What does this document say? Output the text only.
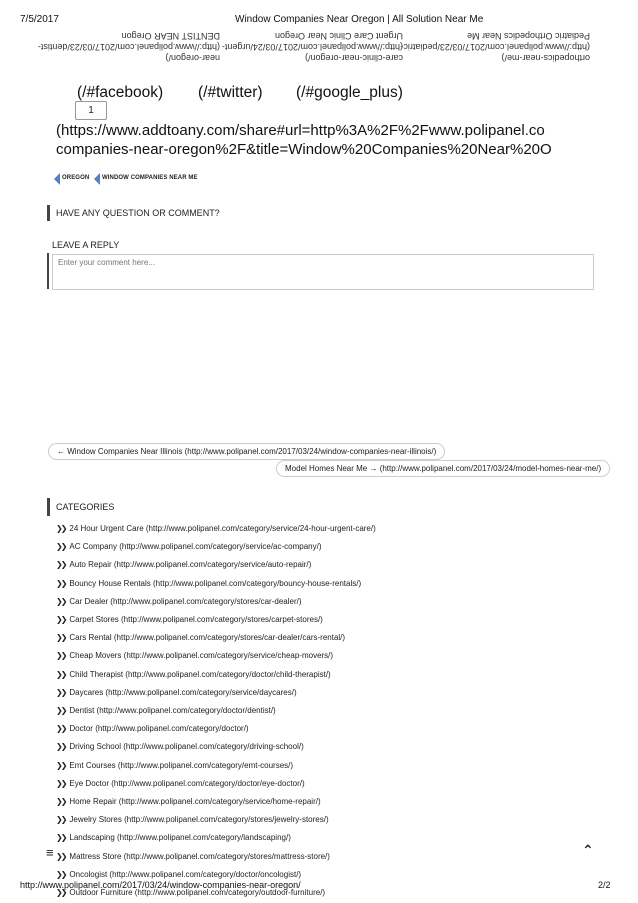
7/5/2017	Window Companies Near Oregon | All Solution Near Me
near-oregon/)
(http://www.polipanel.com/2017/03/23/dentist-
DENTIST NEAR Oregon
care-clinic-near-oregon/)
(http://www.polipanel.com/2017/03/24/urgent-
Urgent Care Clinic Near Oregon
orthopedics-near-me/)
(http://www.polipanel.com/2017/03/23/pediatric-
Pediatric Orthopedics Near Me
(/#facebook) (/#twitter) (/#google_plus)
1
(https://www.addtoany.com/share#url=http%3A%2F%2Fwww.polipanel.co
companies-near-oregon%2F&title=Window%20Companies%20Near%20O
OREGON WINDOW COMPANIES NEAR ME
HAVE ANY QUESTION OR COMMENT?
LEAVE A REPLY
Enter your comment here...
← Window Companies Near Illinois (http://www.polipanel.com/2017/03/24/window-companies-near-illinois/)
Model Homes Near Me → (http://www.polipanel.com/2017/03/24/model-homes-near-me/)
CATEGORIES
❯❯ 24 Hour Urgent Care (http://www.polipanel.com/category/service/24-hour-urgent-care/)
❯❯ AC Company (http://www.polipanel.com/category/service/ac-company/)
❯❯ Auto Repair (http://www.polipanel.com/category/service/auto-repair/)
❯❯ Bouncy House Rentals (http://www.polipanel.com/category/bouncy-house-rentals/)
❯❯ Car Dealer (http://www.polipanel.com/category/stores/car-dealer/)
❯❯ Carpet Stores (http://www.polipanel.com/category/stores/carpet-stores/)
❯❯ Cars Rental (http://www.polipanel.com/category/stores/car-dealer/cars-rental/)
❯❯ Cheap Movers (http://www.polipanel.com/category/service/cheap-movers/)
❯❯ Child Therapist (http://www.polipanel.com/category/doctor/child-therapist/)
❯❯ Daycares (http://www.polipanel.com/category/service/daycares/)
❯❯ Dentist (http://www.polipanel.com/category/doctor/dentist/)
❯❯ Doctor (http://www.polipanel.com/category/doctor/)
❯❯ Driving School (http://www.polipanel.com/category/driving-school/)
❯❯ Emt Courses (http://www.polipanel.com/category/emt-courses/)
❯❯ Eye Doctor (http://www.polipanel.com/category/doctor/eye-doctor/)
❯❯ Home Repair (http://www.polipanel.com/category/service/home-repair/)
❯❯ Jewelry Stores (http://www.polipanel.com/category/stores/jewelry-stores/)
❯❯ Landscaping (http://www.polipanel.com/category/landscaping/)
❯❯ Mattress Store (http://www.polipanel.com/category/stores/mattress-store/)
❯❯ Oncologist (http://www.polipanel.com/category/doctor/oncologist/)
❯❯ Outdoor Furniture (http://www.polipanel.com/category/outdoor-furniture/)
≡	⌃
http://www.polipanel.com/2017/03/24/window-companies-near-oregon/	2/2
